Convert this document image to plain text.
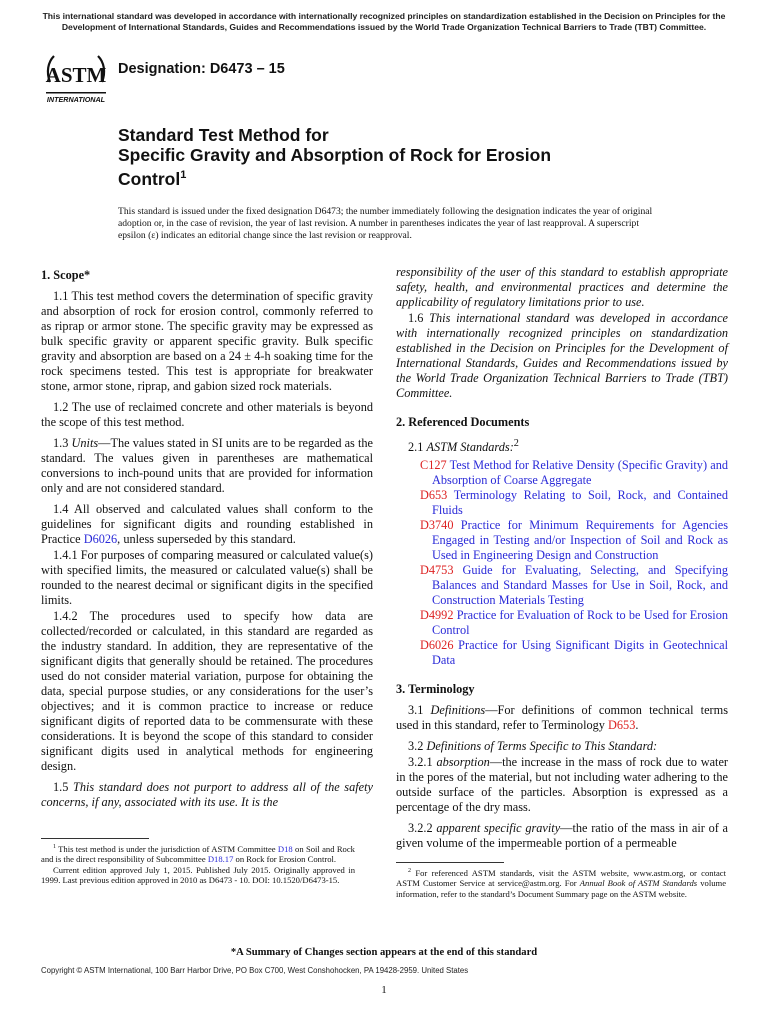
This international standard was developed in accordance with internationally recognized principles on standardization established in the Decision on Principles for the Development of International Standards, Guides and Recommendations issued by the World Trade Organization Technical Barriers to Trade (TBT) Committee.
ASTM
INTERNATIONAL
Designation: D6473 – 15
Standard Test Method for
Specific Gravity and Absorption of Rock for Erosion
Control$^1$

This standard is issued under the fixed designation D6473; the number immediately following the designation indicates the year of original adoption or, in the case of revision, the year of last revision. A number in parentheses indicates the year of last reapproval. A superscript epsilon (ε) indicates an editorial change since the last revision or reapproval.

1. Scope*

1.1 This test method covers the determination of specific gravity and absorption of rock for erosion control, commonly referred to as riprap or armor stone. The specific gravity may be expressed as bulk specific gravity or apparent specific gravity. Bulk specific gravity and absorption are based on a 24 ± 4-h soaking time for the rock specimens tested. This test is appropriate for breakwater stone, armor stone, riprap, and gabion sized rock materials.

1.2 The use of reclaimed concrete and other materials is beyond the scope of this test method.

1.3 Units—The values stated in SI units are to be regarded as the standard. The values given in parentheses are mathematical conversions to inch-pound units that are provided for information only and are not considered standard.

1.4 All observed and calculated values shall conform to the guidelines for significant digits and rounding established in Practice D6026, unless superseded by this standard.

1.4.1 For purposes of comparing measured or calculated value(s) with specified limits, the measured or calculated value(s) shall be rounded to the nearest decimal or significant digits in the specified limits.

1.4.2 The procedures used to specify how data are collected/recorded or calculated, in this standard are regarded as the industry standard. In addition, they are representative of the significant digits that generally should be retained. The procedures used do not consider material variation, purpose for obtaining the data, special purpose studies, or any considerations for the user’s objectives; and it is common practice to increase or reduce significant digits of reported data to be commensurate with these considerations. It is beyond the scope of this standard to consider significant digits used in analytical methods for engineering design.

1.5 This standard does not purport to address all of the safety concerns, if any, associated with its use. It is the

responsibility of the user of this standard to establish appropriate safety, health, and environmental practices and determine the applicability of regulatory limitations prior to use.

1.6 This international standard was developed in accordance with internationally recognized principles on standardization established in the Decision on Principles for the Development of International Standards, Guides and Recommendations issued by the World Trade Organization Technical Barriers to Trade (TBT) Committee.

2. Referenced Documents

2.1 ASTM Standards:$^2$

C127 Test Method for Relative Density (Specific Gravity) and Absorption of Coarse Aggregate
D653 Terminology Relating to Soil, Rock, and Contained Fluids
D3740 Practice for Minimum Requirements for Agencies Engaged in Testing and/or Inspection of Soil and Rock as Used in Engineering Design and Construction
D4753 Guide for Evaluating, Selecting, and Specifying Balances and Standard Masses for Use in Soil, Rock, and Construction Materials Testing
D4992 Practice for Evaluation of Rock to be Used for Erosion Control
D6026 Practice for Using Significant Digits in Geotechnical Data
3. Terminology

3.1 Definitions—For definitions of common technical terms used in this standard, refer to Terminology D653.

3.2 Definitions of Terms Specific to This Standard:

3.2.1 absorption—the increase in the mass of rock due to water in the pores of the material, but not including water adhering to the outside surface of the particles. Absorption is expressed as a percentage of the dry mass.

3.2.2 apparent specific gravity—the ratio of the mass in air of a given volume of the impermeable portion of a permeable

$^1$ This test method is under the jurisdiction of ASTM Committee D18 on Soil and Rock and is the direct responsibility of Subcommittee D18.17 on Rock for Erosion Control.

Current edition approved July 1, 2015. Published July 2015. Originally approved in 1999. Last previous edition approved in 2010 as D6473 - 10. DOI: 10.1520/D6473-15.

$^2$ For referenced ASTM standards, visit the ASTM website, www.astm.org, or contact ASTM Customer Service at service@astm.org. For Annual Book of ASTM Standards volume information, refer to the standard’s Document Summary page on the ASTM website.

*A Summary of Changes section appears at the end of this standard
Copyright © ASTM International, 100 Barr Harbor Drive, PO Box C700, West Conshohocken, PA 19428-2959. United States
1
